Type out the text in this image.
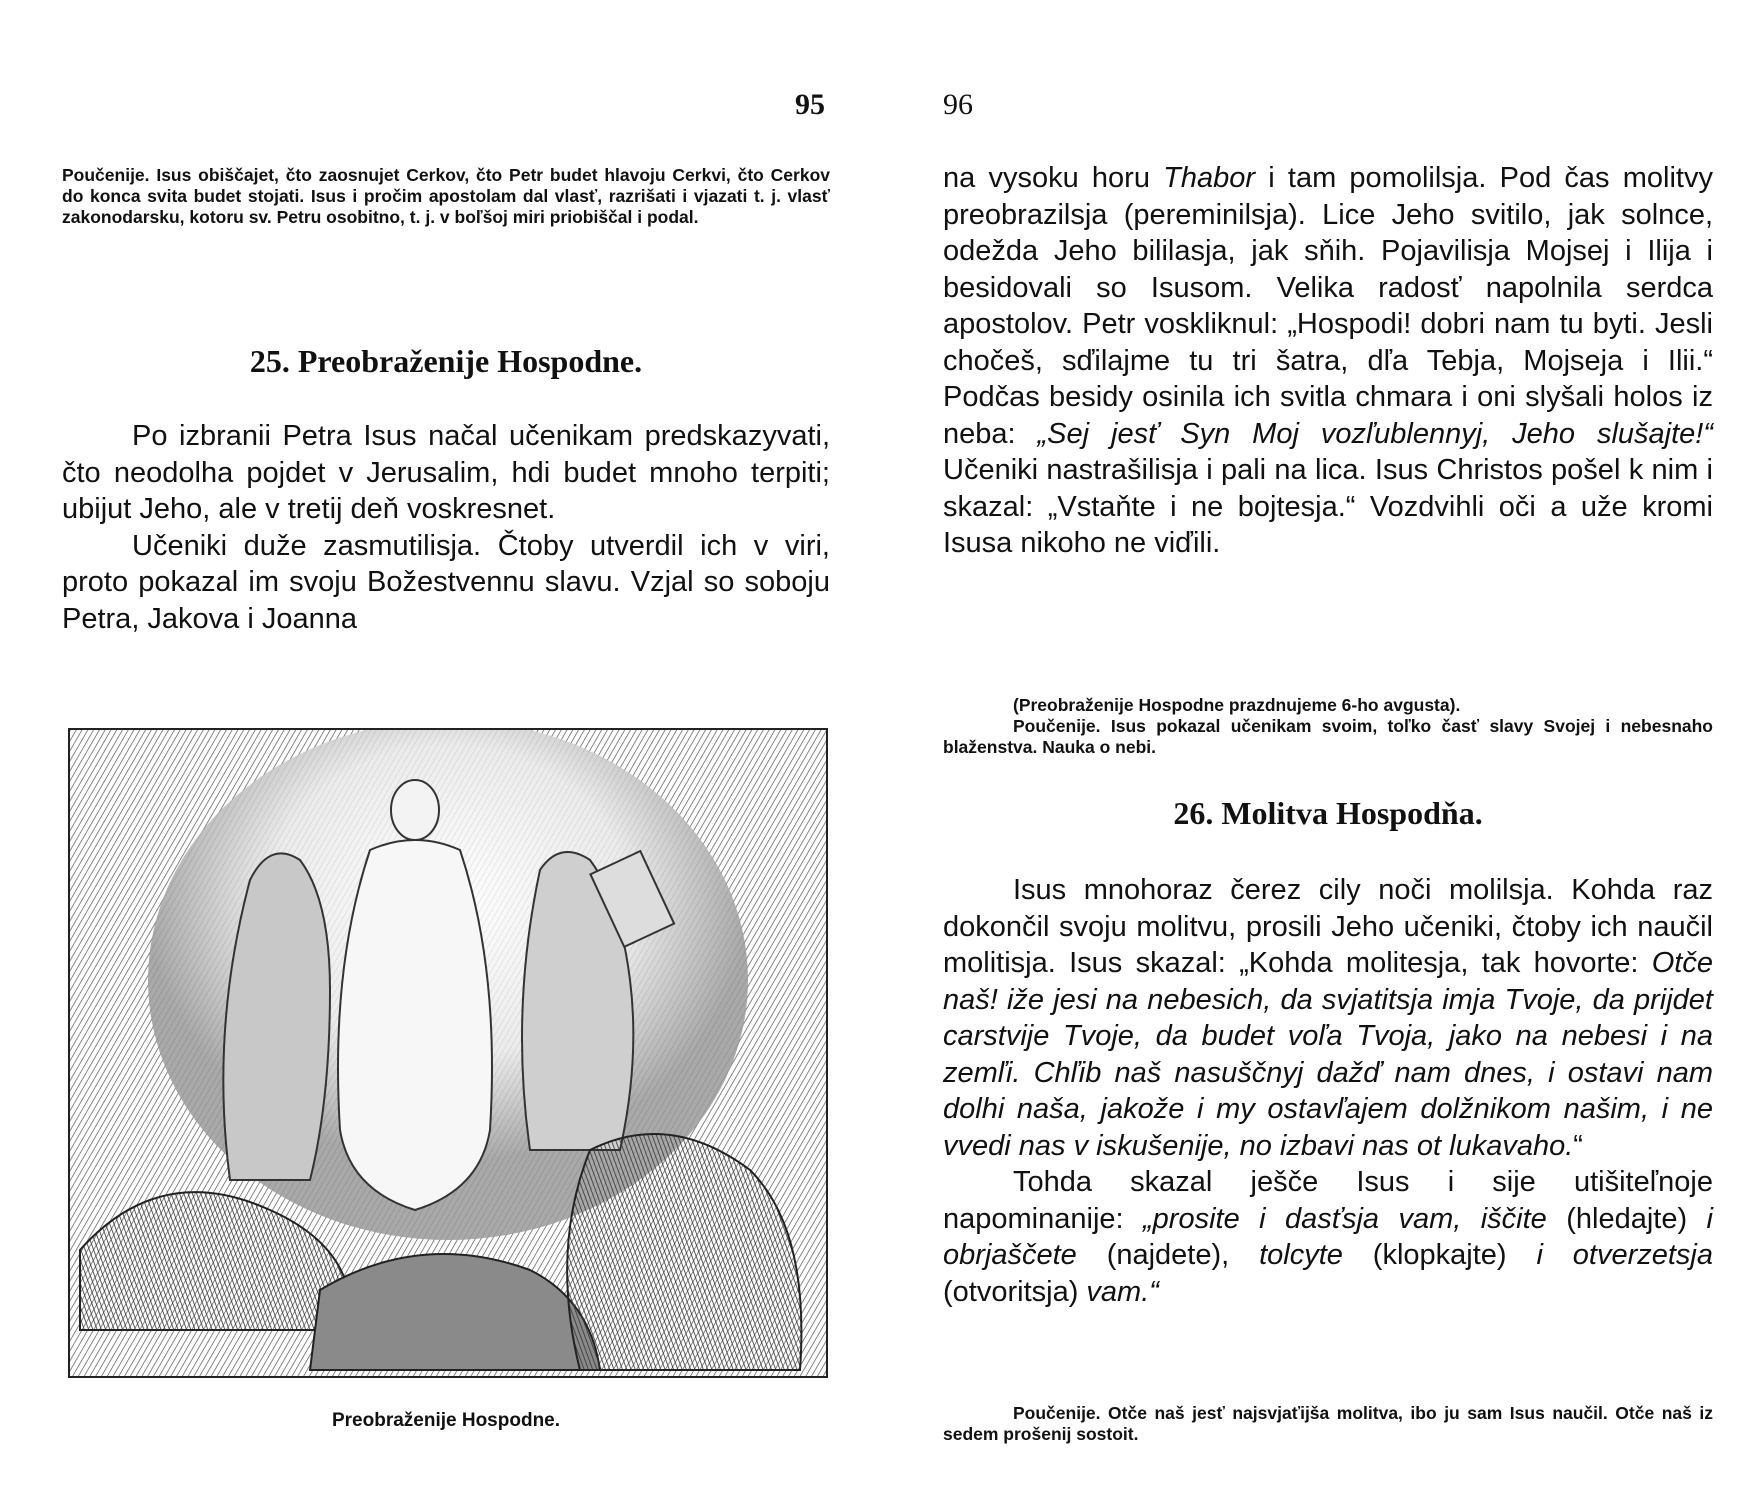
95
Poučenije. Isus obiščajet, čto zaosnujet Cerkov, čto Petr budet hlavoju Cerkvi, čto Cerkov do konca svita budet stojati. Isus i pročim apostolam dal vlasť, razrišati i vjazati t. j. vlasť zakonodarsku, kotoru sv. Petru osobitno, t. j. v boľšoj miri priobiščal i podal.
25. Preobraženije Hospodne.

Po izbranii Petra Isus načal učenikam predskazyvati, čto neodolha pojdet v Jerusalim, hdi budet mnoho terpiti; ubijut Jeho, ale v tretij deň voskresnet.

Učeniki duže zasmutilisja. Čtoby utverdil ich v viri, proto pokazal im svoju Božestvennu slavu. Vzjal so soboju Petra, Jakova i Joanna

Preobraženije Hospodne.
96

na vysoku horu Thabor i tam pomolilsja. Pod čas molitvy preobrazilsja (pereminilsja). Lice Jeho svitilo, jak solnce, odežda Jeho bililasja, jak sňih. Pojavilisja Mojsej i Ilija i besidovali so Isusom. Velika radosť napolnila serdca apostolov. Petr voskliknul: „Hospodi! dobri nam tu byti. Jesli chočeš, sďilajme tu tri šatra, dľa Tebja, Mojseja i Ilii.“ Podčas besidy osinila ich svitla chmara i oni slyšali holos iz neba: „Sej jesť Syn Moj vozľublennyj, Jeho slušajte!“ Učeniki nastrašilisja i pali na lica. Isus Christos pošel k nim i skazal: „Vstaňte i ne bojtesja.“ Vozdvihli oči a uže kromi Isusa nikoho ne viďili.

(Preobraženije Hospodne prazdnujeme 6-ho avgusta).
Poučenije. Isus pokazal učenikam svoim, toľko časť slavy Svojej i nebesnaho blaženstva. Nauka o nebi.
26. Molitva Hospodňa.

Isus mnohoraz čerez cily noči molilsja. Kohda raz dokončil svoju molitvu, prosili Jeho učeniki, čtoby ich naučil molitisja. Isus skazal: „Kohda molitesja, tak hovorte: Otče naš! iže jesi na nebesich, da svjatitsja imja Tvoje, da prijdet carstvije Tvoje, da budet voľa Tvoja, jako na nebesi i na zemľi. Chľib naš nasuščnyj dažď nam dnes, i ostavi nam dolhi naša, jakože i my ostavľajem dolžnikom našim, i ne vvedi nas v iskušenije, no izbavi nas ot lukavaho.“

Tohda skazal ješče Isus i sije utišiteľnoje napominanije: „prosite i dasťsja vam, iščite (hledajte) i obrjaščete (najdete), tolcyte (klopkajte) i otverzetsja (otvoritsja) vam.“

Poučenije. Otče naš jesť najsvjaťijša molitva, ibo ju sam Isus naučil. Otče naš iz sedem prošenij sostoit.
